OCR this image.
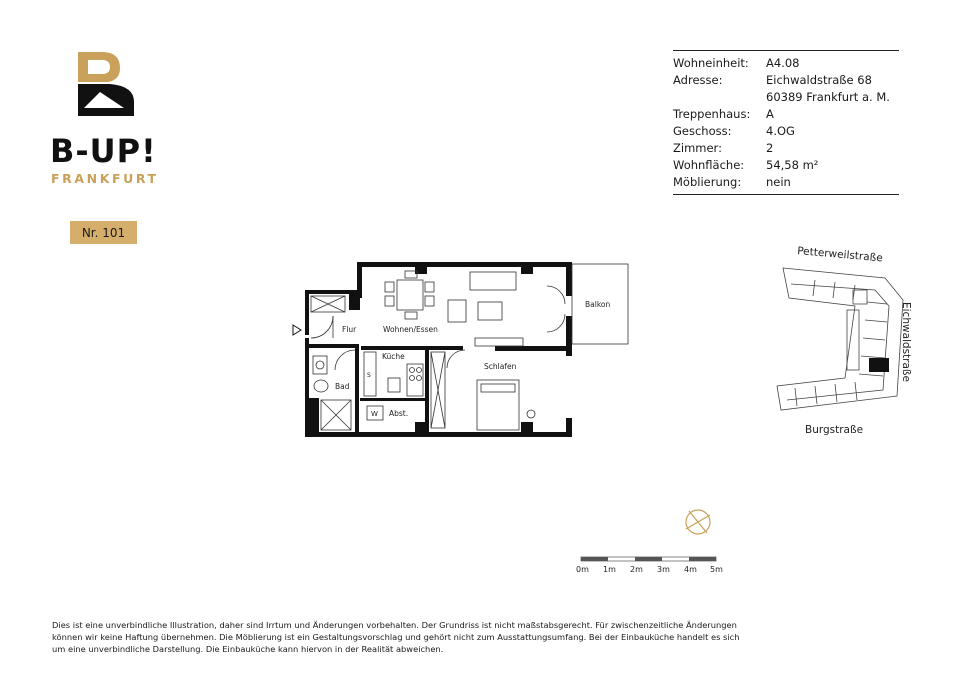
B-UP!
FRANKFURT
Nr. 101
Wohneinheit:	A4.08
Adresse:	Eichwaldstraße 68
60389 Frankfurt a. M.
Treppenhaus:	A
Geschoss:	4.OG
Zimmer:	2
Wohnfläche:	54,58 m²
Möblierung:	nein
Flur	Wohnen/Essen
Balkon
Küche
Bad
Abst.
Schlafen
W
S
Petterweilstraße
Eichwaldstraße
Burgstraße
0m 1m 2m 3m 4m 5m
Dies ist eine unverbindliche Illustration, daher sind Irrtum und Änderungen vorbehalten. Der Grundriss ist nicht maßstabsgerecht. Für zwischenzeitliche Änderungen können wir keine Haftung übernehmen. Die Möblierung ist ein Gestaltungsvorschlag und gehört nicht zum Ausstattungsumfang. Bei der Einbauküche handelt es sich um eine unverbindliche Darstellung. Die Einbauküche kann hiervon in der Realität abweichen.
